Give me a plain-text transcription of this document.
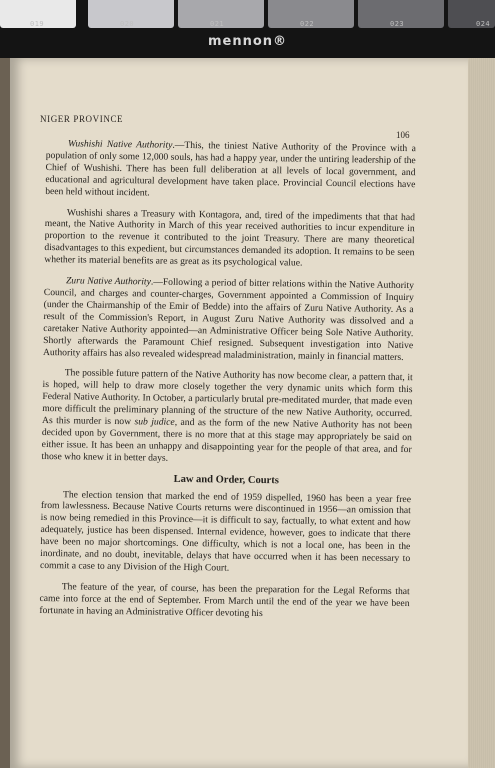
019	020	021	022	023	024
mennon®
NIGER PROVINCE
106

Wushishi Native Authority.—This, the tiniest Native Authority of the Province with a population of only some 12,000 souls, has had a happy year, under the untiring leadership of the Chief of Wushishi. There has been full deliberation at all levels of local government, and educational and agricultural development have taken place. Provincial Council elections have been held without incident.

Wushishi shares a Treasury with Kontagora, and, tired of the impediments that that had meant, the Native Authority in March of this year received authorities to incur expenditure in proportion to the revenue it contributed to the joint Treasury. There are many theoretical disadvantages to this expedient, but circumstances demanded its adoption. It remains to be seen whether its material benefits are as great as its psychological value.

Zuru Native Authority.—Following a period of bitter relations within the Native Authority Council, and charges and counter-charges, Government appointed a Commission of Inquiry (under the Chairmanship of the Emir of Bedde) into the affairs of Zuru Native Authority. As a result of the Commission's Report, in August Zuru Native Authority was dissolved and a caretaker Native Authority appointed—an Administrative Officer being Sole Native Authority. Shortly afterwards the Paramount Chief resigned. Subsequent investigation into Native Authority affairs has also revealed widespread maladministration, mainly in financial matters.

The possible future pattern of the Native Authority has now become clear, a pattern that, it is hoped, will help to draw more closely together the very dynamic units which form this Federal Native Authority. In October, a particularly brutal pre-meditated murder, that made even more difficult the preliminary planning of the structure of the new Native Authority, occurred. As this murder is now sub judice, and as the form of the new Native Authority has not been decided upon by Government, there is no more that at this stage may appropriately be said on either issue. It has been an unhappy and disappointing year for the people of that area, and for those who knew it in better days.

Law and Order, Courts

The election tension that marked the end of 1959 dispelled, 1960 has been a year free from lawlessness. Because Native Courts returns were discontinued in 1956—an omission that is now being remedied in this Province—it is difficult to say, factually, to what extent and how adequately, justice has been dispensed. Internal evidence, however, goes to indicate that there have been no major shortcomings. One difficulty, which is not a local one, has been in the inordinate, and no doubt, inevitable, delays that have occurred when it has been necessary to commit a case to any Division of the High Court.

The feature of the year, of course, has been the preparation for the Legal Reforms that came into force at the end of September. From March until the end of the year we have been fortunate in having an Administrative Officer devoting his
